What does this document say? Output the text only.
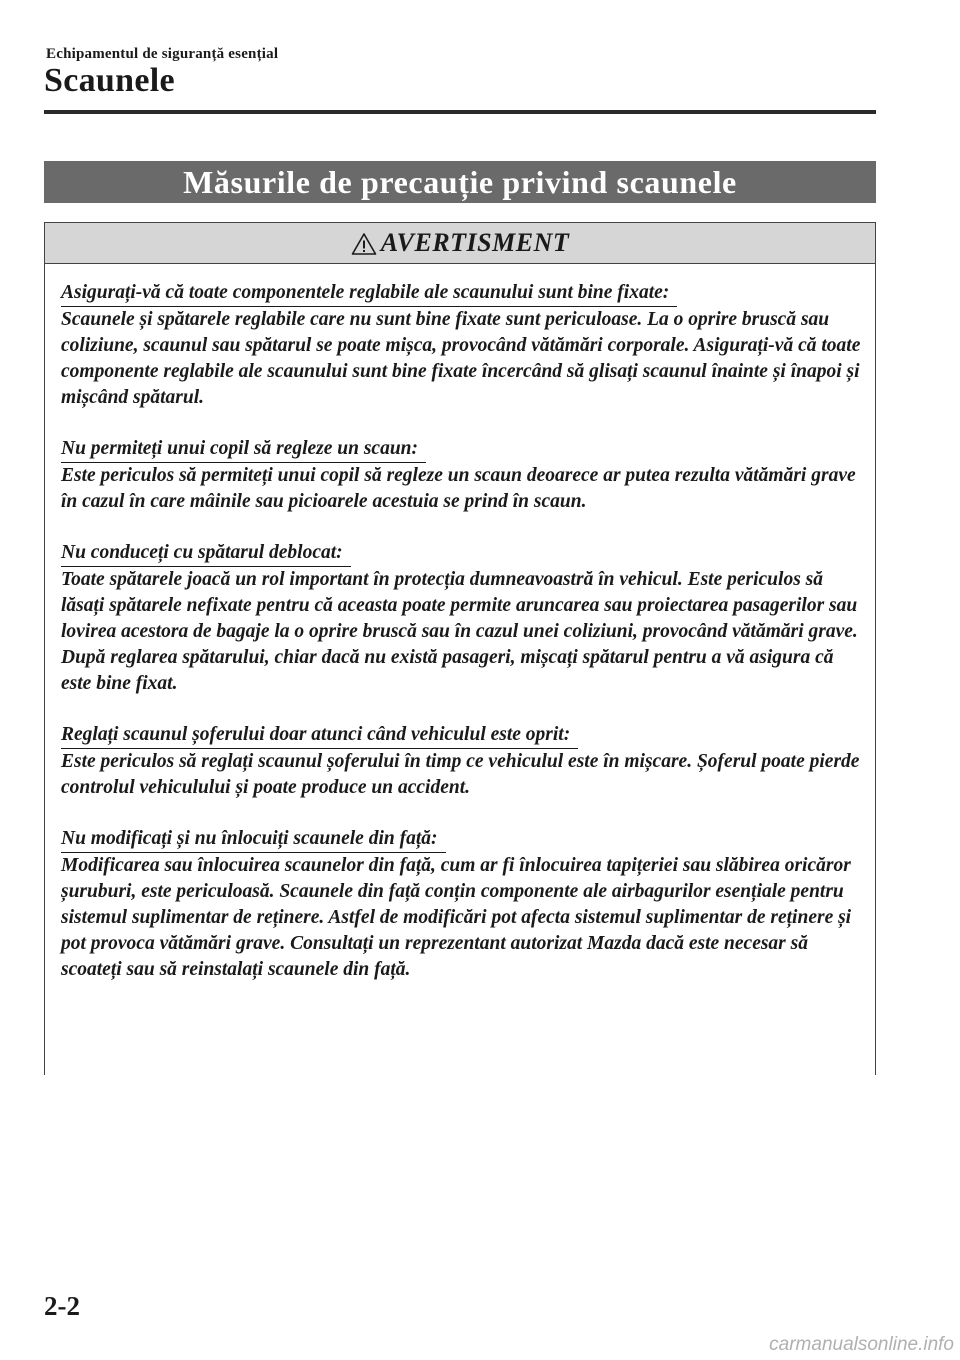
Echipamentul de siguranță esențial
Scaunele
Măsurile de precauție privind scaunele
AVERTISMENT
Asigurați-vă că toate componentele reglabile ale scaunului sunt bine fixate:
Scaunele și spătarele reglabile care nu sunt bine fixate sunt periculoase. La o oprire bruscă sau coliziune, scaunul sau spătarul se poate mișca, provocând vătămări corporale. Asigurați-vă că toate componente reglabile ale scaunului sunt bine fixate încercând să glisați scaunul înainte și înapoi și mișcând spătarul.
Nu permiteți unui copil să regleze un scaun:
Este periculos să permiteți unui copil să regleze un scaun deoarece ar putea rezulta vătămări grave în cazul în care mâinile sau picioarele acestuia se prind în scaun.
Nu conduceți cu spătarul deblocat:
Toate spătarele joacă un rol important în protecția dumneavoastră în vehicul. Este periculos să lăsați spătarele nefixate pentru că aceasta poate permite aruncarea sau proiectarea pasagerilor sau lovirea acestora de bagaje la o oprire bruscă sau în cazul unei coliziuni, provocând vătămări grave. După reglarea spătarului, chiar dacă nu există pasageri, mișcați spătarul pentru a vă asigura că este bine fixat.
Reglați scaunul șoferului doar atunci când vehiculul este oprit:
Este periculos să reglați scaunul șoferului în timp ce vehiculul este în mișcare. Șoferul poate pierde controlul vehiculului și poate produce un accident.
Nu modificați și nu înlocuiți scaunele din față:
Modificarea sau înlocuirea scaunelor din față, cum ar fi înlocuirea tapițeriei sau slăbirea oricăror șuruburi, este periculoasă. Scaunele din față conțin componente ale airbagurilor esențiale pentru sistemul suplimentar de reținere. Astfel de modificări pot afecta sistemul suplimentar de reținere și pot provoca vătămări grave. Consultați un reprezentant autorizat Mazda dacă este necesar să scoateți sau să reinstalați scaunele din față.
2-2
carmanualsonline.info
